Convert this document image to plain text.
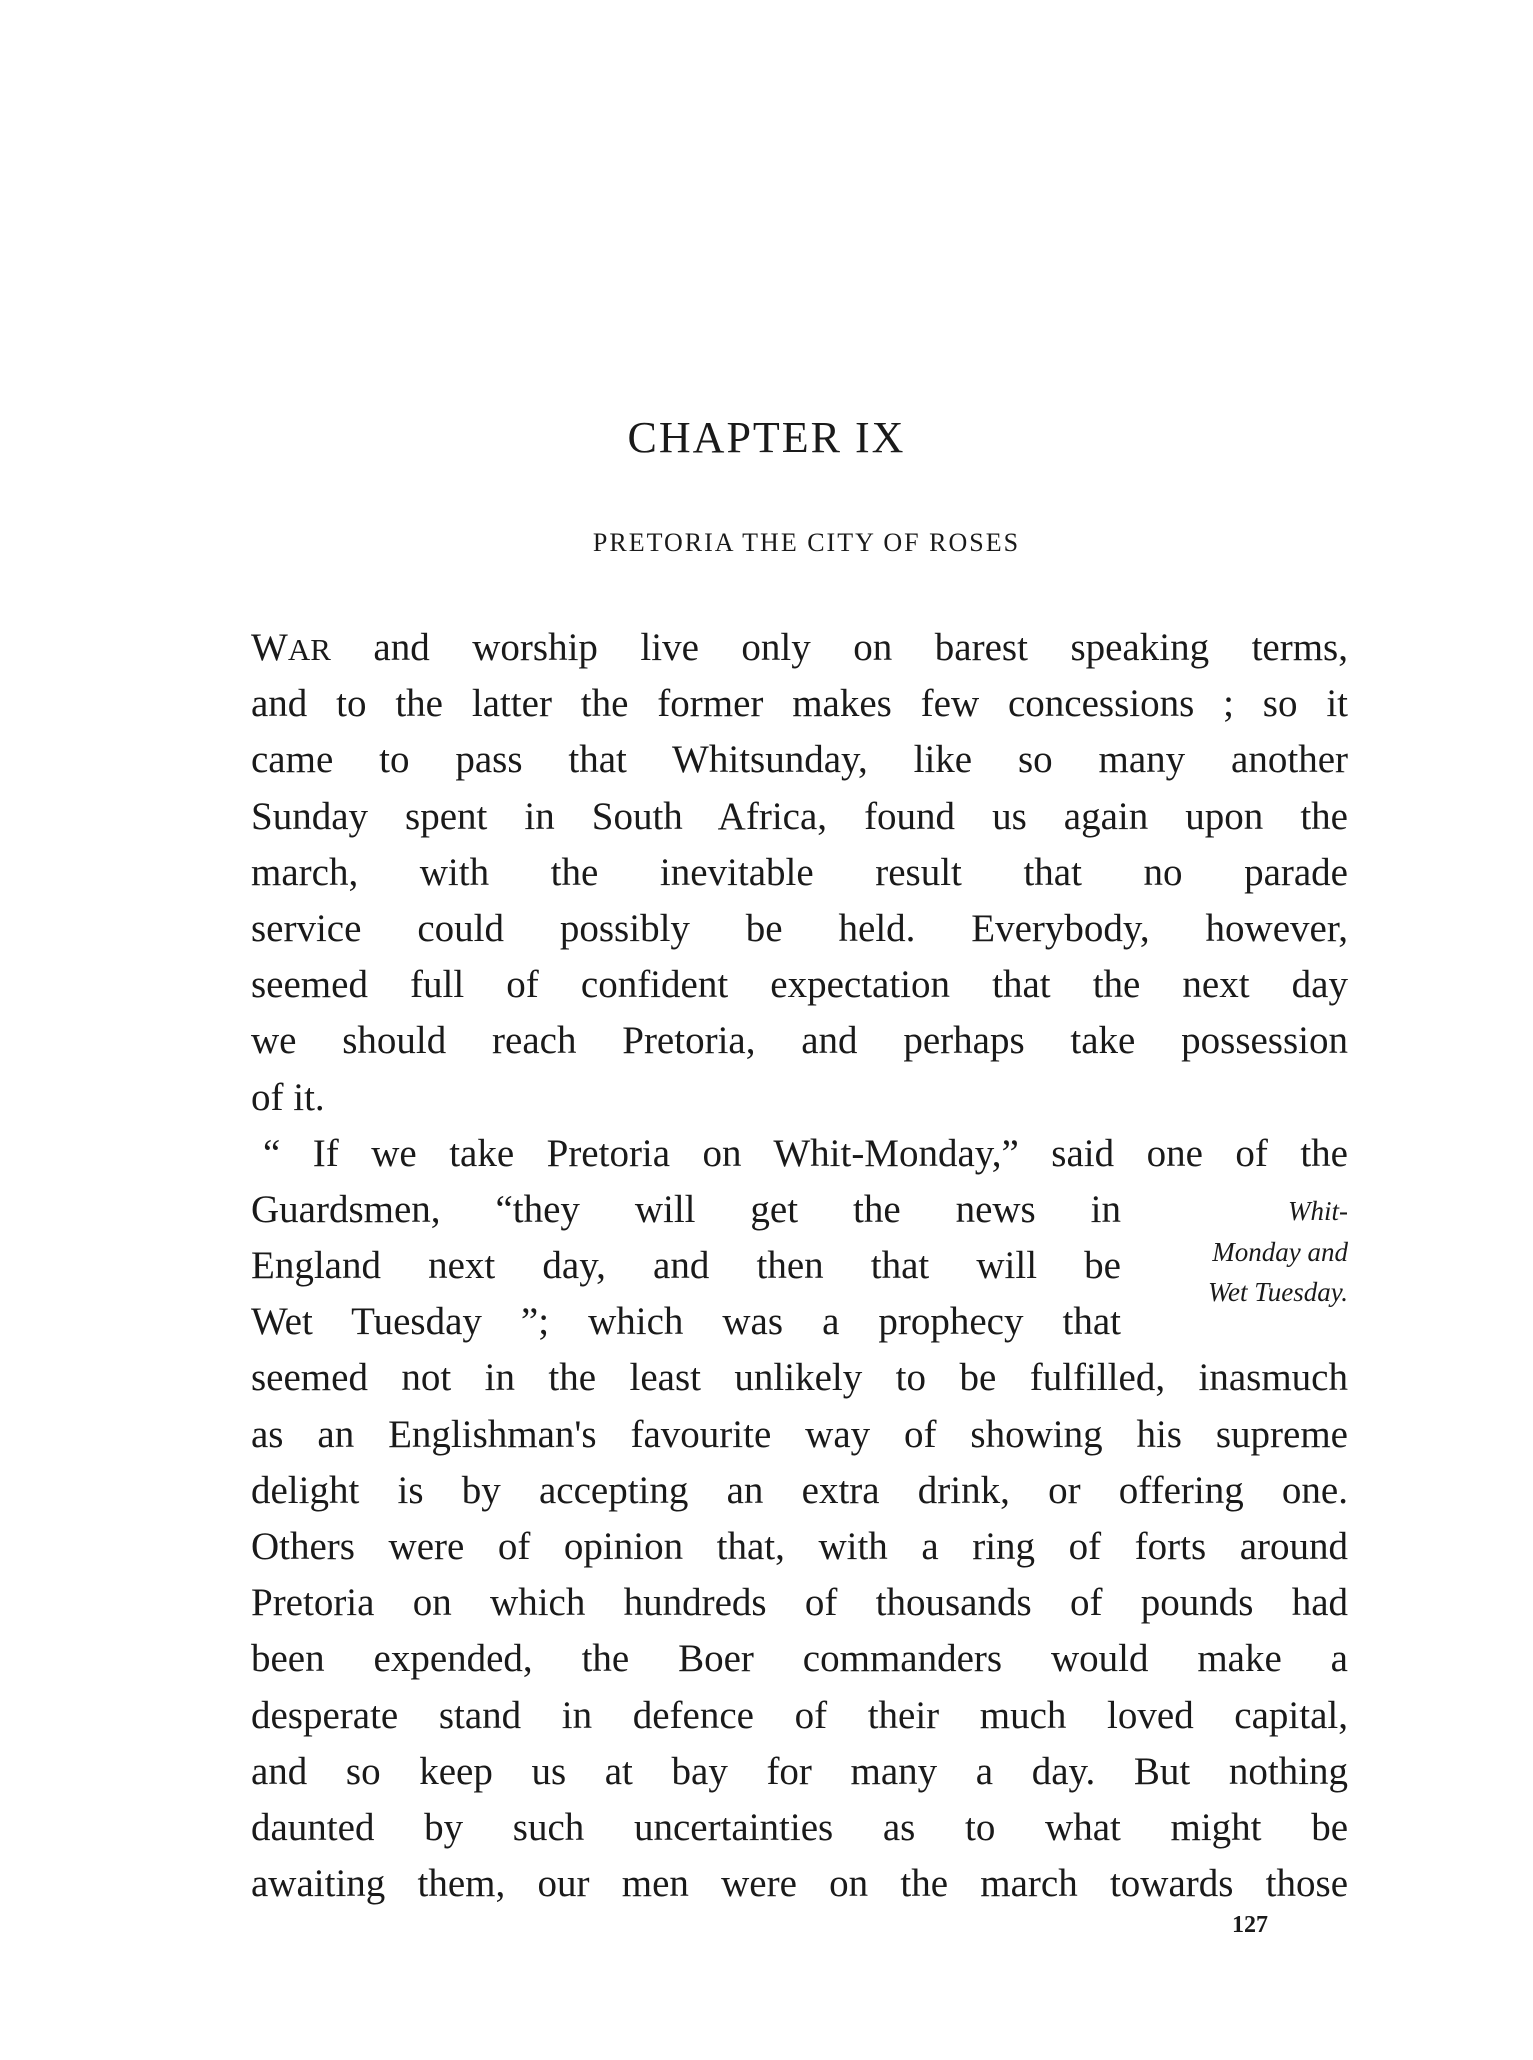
CHAPTER IX
PRETORIA THE CITY OF ROSES
WAR and worship live only on barest speaking terms,
and to the latter the former makes few concessions ; so it
came to pass that Whitsunday, like so many another
Sunday spent in South Africa, found us again upon the
march, with the inevitable result that no parade
service could possibly be held. Everybody, however,
seemed full of confident expectation that the next day
we should reach Pretoria, and perhaps take possession
of it.
“ If we take Pretoria on Whit-Monday,” said one of the
Guardsmen, “they will get the news in
England next day, and then that will be
Wet Tuesday ”; which was a prophecy that
seemed not in the least unlikely to be fulfilled, inasmuch
as an Englishman's favourite way of showing his supreme
delight is by accepting an extra drink, or offering one.
Others were of opinion that, with a ring of forts around
Pretoria on which hundreds of thousands of pounds had
been expended, the Boer commanders would make a
desperate stand in defence of their much loved capital,
and so keep us at bay for many a day. But nothing
daunted by such uncertainties as to what might be
awaiting them, our men were on the march towards those
Whit-
Monday and
Wet Tuesday.
127
